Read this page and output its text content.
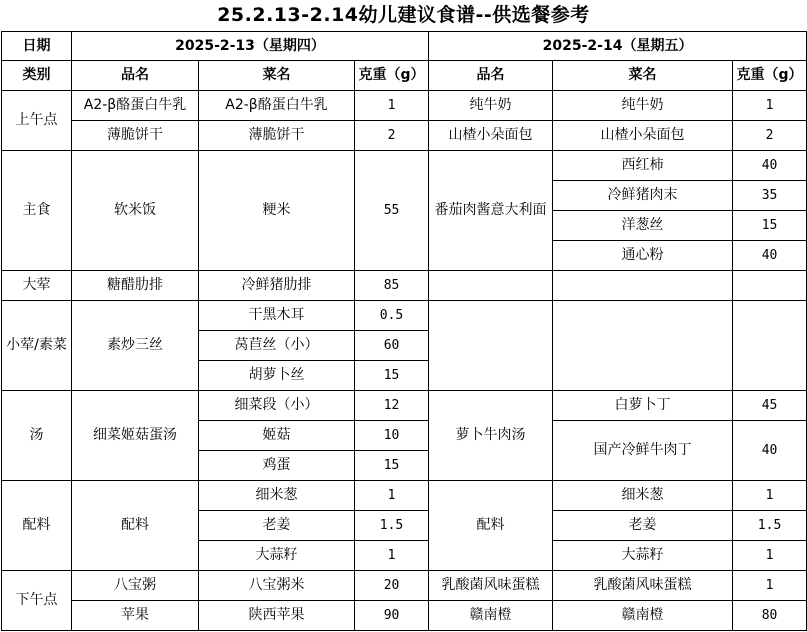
25.2.13-2.14幼儿建议食谱--供选餐参考
日期	2025-2-13（星期四）			2025-2-14（星期五）		
类别	品名	菜名	克重（g）	品名	菜名	克重（g）
上午点	A2-β酪蛋白牛乳	A2-β酪蛋白牛乳	1	纯牛奶	纯牛奶	1
	薄脆饼干	薄脆饼干	2	山楂小朵面包	山楂小朵面包	2
主食	软米饭	粳米	55	番茄肉酱意大利面	西红柿	40
					冷鲜猪肉末	35
					洋葱丝	15
					通心粉	40
大荤	糖醋肋排	冷鲜猪肋排	85			
小荤/素菜	素炒三丝	干黑木耳	0.5			
		莴苣丝（小）	60			
		胡萝卜丝	15			
汤	细菜姬菇蛋汤	细菜段（小）	12	萝卜牛肉汤	白萝卜丁	45
		姬菇	10		国产冷鲜牛肉丁	40
		鸡蛋	15			
配料	配料	细米葱	1	配料	细米葱	1
		老姜	1.5		老姜	1.5
		大蒜籽	1		大蒜籽	1
下午点	八宝粥	八宝粥米	20	乳酸菌风味蛋糕	乳酸菌风味蛋糕	1
	苹果	陕西苹果	90	赣南橙	赣南橙	80
